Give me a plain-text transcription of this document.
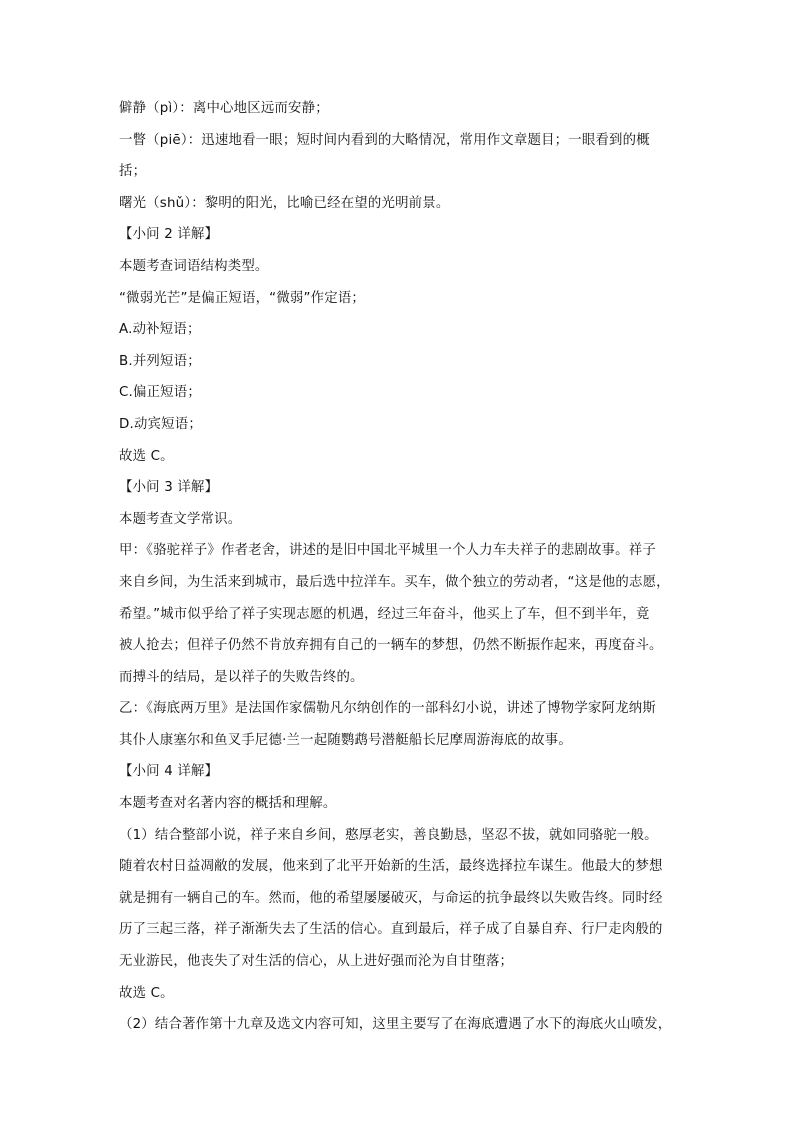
僻静（pì）：离中心地区远而安静；
一瞥（piē）：迅速地看一眼；短时间内看到的大略情况，常用作文章题目；一眼看到的概
括；
曙光（shǔ）：黎明的阳光，比喻已经在望的光明前景。
【小问 2 详解】
本题考查词语结构类型。
“微弱光芒”是偏正短语，“微弱”作定语；
A.动补短语；
B.并列短语；
C.偏正短语；
D.动宾短语；
故选 C。
【小问 3 详解】
本题考查文学常识。
甲：《骆驼祥子》作者老舍，讲述的是旧中国北平城里一个人力车夫祥子的悲剧故事。祥子
来自乡间，为生活来到城市，最后选中拉洋车。买车，做个独立的劳动者，“这是他的志愿，
希望。”城市似乎给了祥子实现志愿的机遇，经过三年奋斗，他买上了车，但不到半年，竟
被人抢去；但祥子仍然不肯放弃拥有自己的一辆车的梦想，仍然不断振作起来，再度奋斗。
而搏斗的结局，是以祥子的失败告终的。
乙：《海底两万里》是法国作家儒勒凡尔纳创作的一部科幻小说，讲述了博物学家阿龙纳斯
其仆人康塞尔和鱼叉手尼德·兰一起随鹦鹉号潜艇船长尼摩周游海底的故事。
【小问 4 详解】
本题考查对名著内容的概括和理解。
（1）结合整部小说，祥子来自乡间，憨厚老实，善良勤恳，坚忍不拔，就如同骆驼一般。
随着农村日益凋敝的发展，他来到了北平开始新的生活，最终选择拉车谋生。他最大的梦想
就是拥有一辆自己的车。然而，他的希望屡屡破灭，与命运的抗争最终以失败告终。同时经
历了三起三落，祥子渐渐失去了生活的信心。直到最后，祥子成了自暴自弃、行尸走肉般的
无业游民，他丧失了对生活的信心，从上进好强而沦为自甘堕落；
故选 C。
（2）结合著作第十九章及选文内容可知，这里主要写了在海底遭遇了水下的海底火山喷发，
